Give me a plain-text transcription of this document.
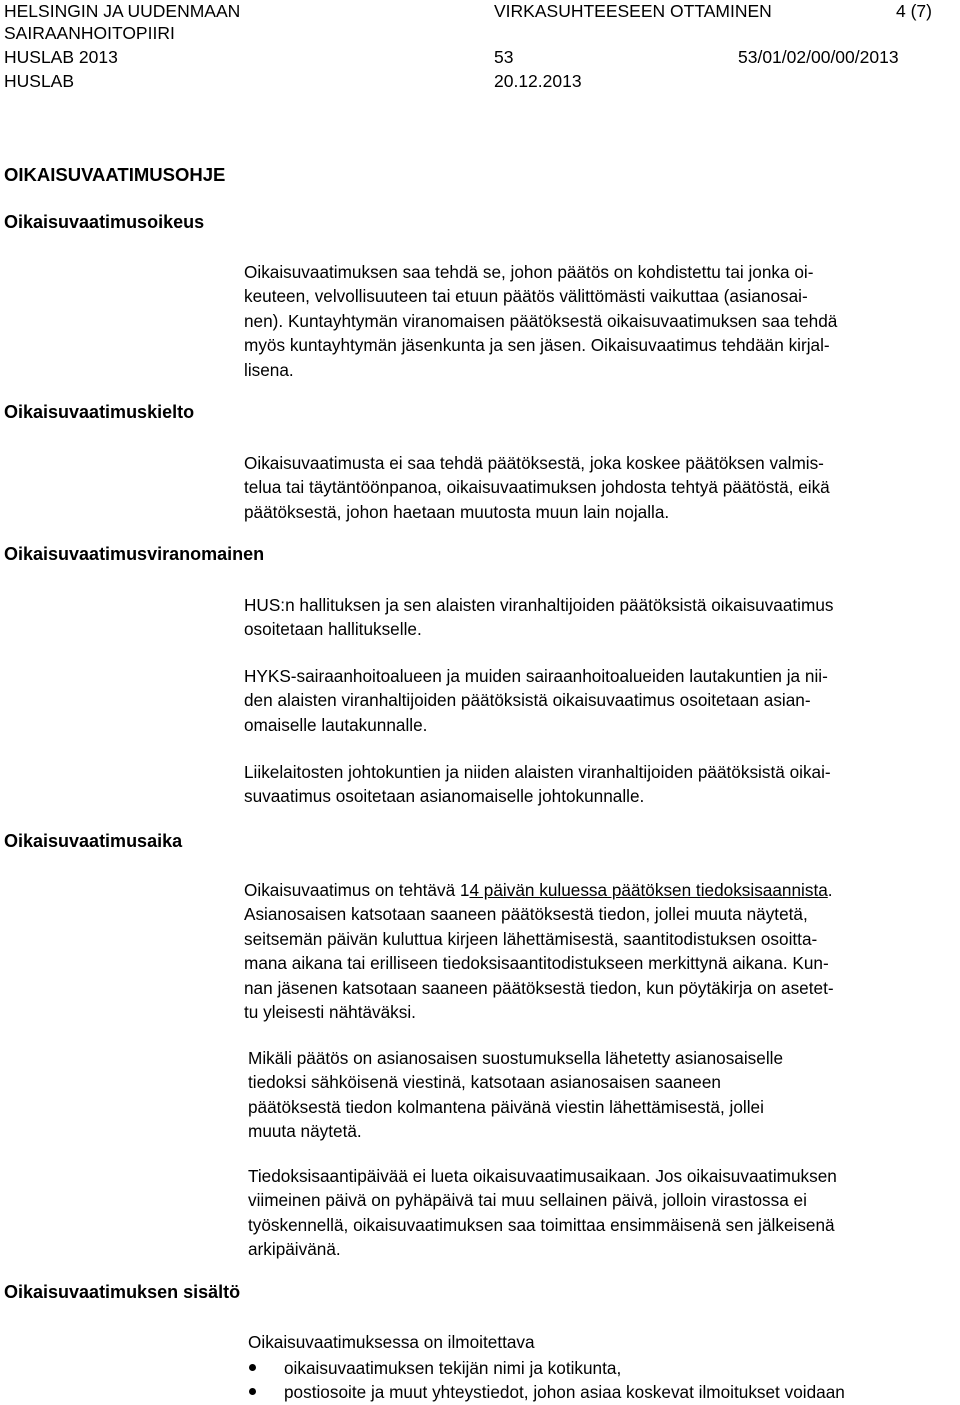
HELSINGIN JA UUDENMAAN
SAIRAANHOITOPIIRI
HUSLAB 2013
HUSLAB
VIRKASUHTEESEEN OTTAMINEN	4 (7)
53
20.12.2013
53/01/02/00/00/2013
OIKAISUVAATIMUSOHJE
Oikaisuvaatimusoikeus
Oikaisuvaatimuskielto
Oikaisuvaatimusviranomainen
Oikaisuvaatimusaika
Oikaisuvaatimuksen sisältö
Oikaisuvaatimuksen saa tehdä se, johon päätös on kohdistettu tai jonka oi-
keuteen, velvollisuuteen tai etuun päätös välittömästi vaikuttaa (asianosai-
nen). Kuntayhtymän viranomaisen päätöksestä oikaisuvaatimuksen saa tehdä
myös kuntayhtymän jäsenkunta ja sen jäsen. Oikaisuvaatimus tehdään kirjal-
lisena.
Oikaisuvaatimusta ei saa tehdä päätöksestä, joka koskee päätöksen valmis-
telua tai täytäntöönpanoa, oikaisuvaatimuksen johdosta tehtyä päätöstä, eikä
päätöksestä, johon haetaan muutosta muun lain nojalla.
HUS:n hallituksen ja sen alaisten viranhaltijoiden päätöksistä oikaisuvaatimus
osoitetaan hallitukselle.
HYKS-sairaanhoitoalueen ja muiden sairaanhoitoalueiden lautakuntien ja nii-
den alaisten viranhaltijoiden päätöksistä oikaisuvaatimus osoitetaan asian-
omaiselle lautakunnalle.
Liikelaitosten johtokuntien ja niiden alaisten viranhaltijoiden päätöksistä oikai-
suvaatimus osoitetaan asianomaiselle johtokunnalle.
Oikaisuvaatimus on tehtävä 14 päivän kuluessa päätöksen tiedoksisaannista.
Asianosaisen katsotaan saaneen päätöksestä tiedon, jollei muuta näytetä,
seitsemän päivän kuluttua kirjeen lähettämisestä, saantitodistuksen osoitta-
mana aikana tai erilliseen tiedoksisaantitodistukseen merkittynä aikana. Kun-
nan jäsenen katsotaan saaneen päätöksestä tiedon, kun pöytäkirja on asetet-
tu yleisesti nähtäväksi.
Mikäli päätös on asianosaisen suostumuksella lähetetty asianosaiselle
tiedoksi sähköisenä viestinä, katsotaan asianosaisen saaneen
päätöksestä tiedon kolmantena päivänä viestin lähettämisestä, jollei
muuta näytetä.
Tiedoksisaantipäivää ei lueta oikaisuvaatimusaikaan. Jos oikaisuvaatimuksen
viimeinen päivä on pyhäpäivä tai muu sellainen päivä, jolloin virastossa ei
työskennellä, oikaisuvaatimuksen saa toimittaa ensimmäisenä sen jälkeisenä
arkipäivänä.
Oikaisuvaatimuksessa on ilmoitettava
oikaisuvaatimuksen tekijän nimi ja kotikunta,
postiosoite ja muut yhteystiedot, johon asiaa koskevat ilmoitukset voidaan
